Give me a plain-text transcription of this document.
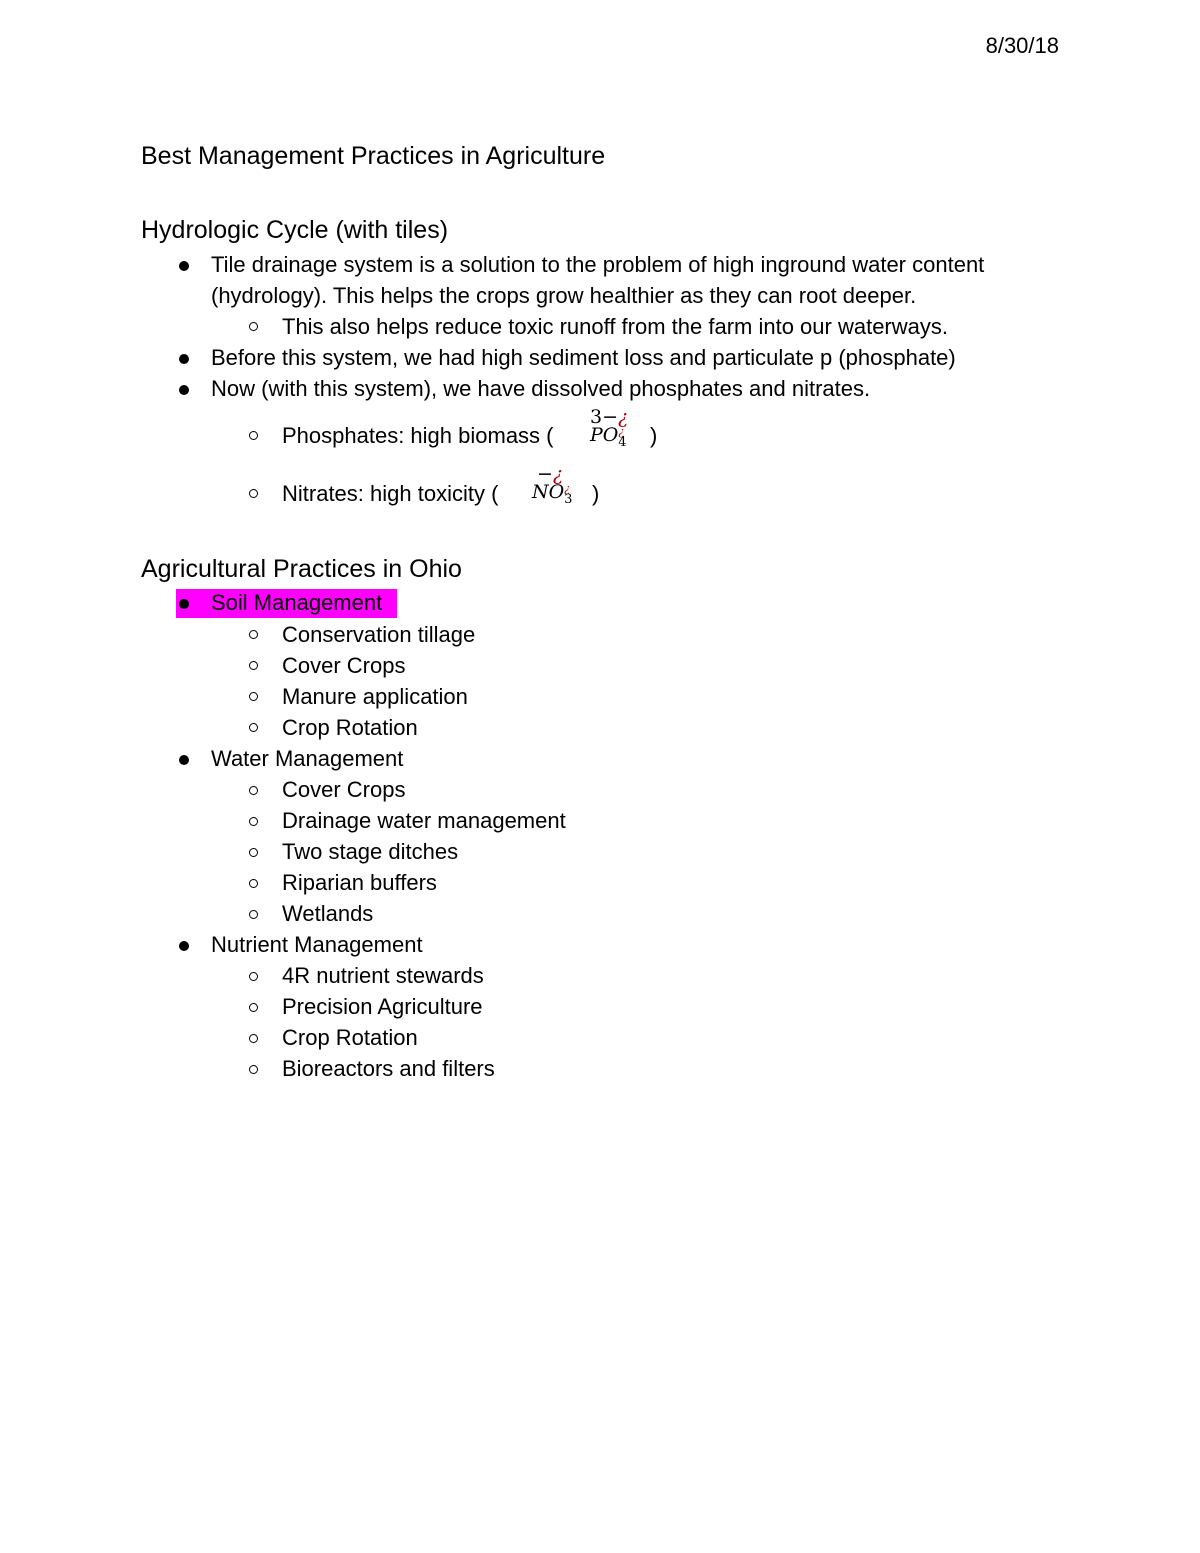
8/30/18
Best Management Practices in Agriculture
Hydrologic Cycle (with tiles)
Tile drainage system is a solution to the problem of high inground water content
(hydrology). This helps the crops grow healthier as they can root deeper.
This also helps reduce toxic runoff from the farm into our waterways.
Before this system, we had high sediment loss and particulate p (phosphate)
Now (with this system), we have dissolved phosphates and nitrates.
Phosphates: high biomass (
3−¿
$PO^¿_4$ )
Nitrates: high toxicity (
−¿
$NO^¿_3$ )
Agricultural Practices in Ohio
Soil Management
Conservation tillage
Cover Crops
Manure application
Crop Rotation
Water Management
Cover Crops
Drainage water management
Two stage ditches
Riparian buffers
Wetlands
Nutrient Management
4R nutrient stewards
Precision Agriculture
Crop Rotation
Bioreactors and filters
